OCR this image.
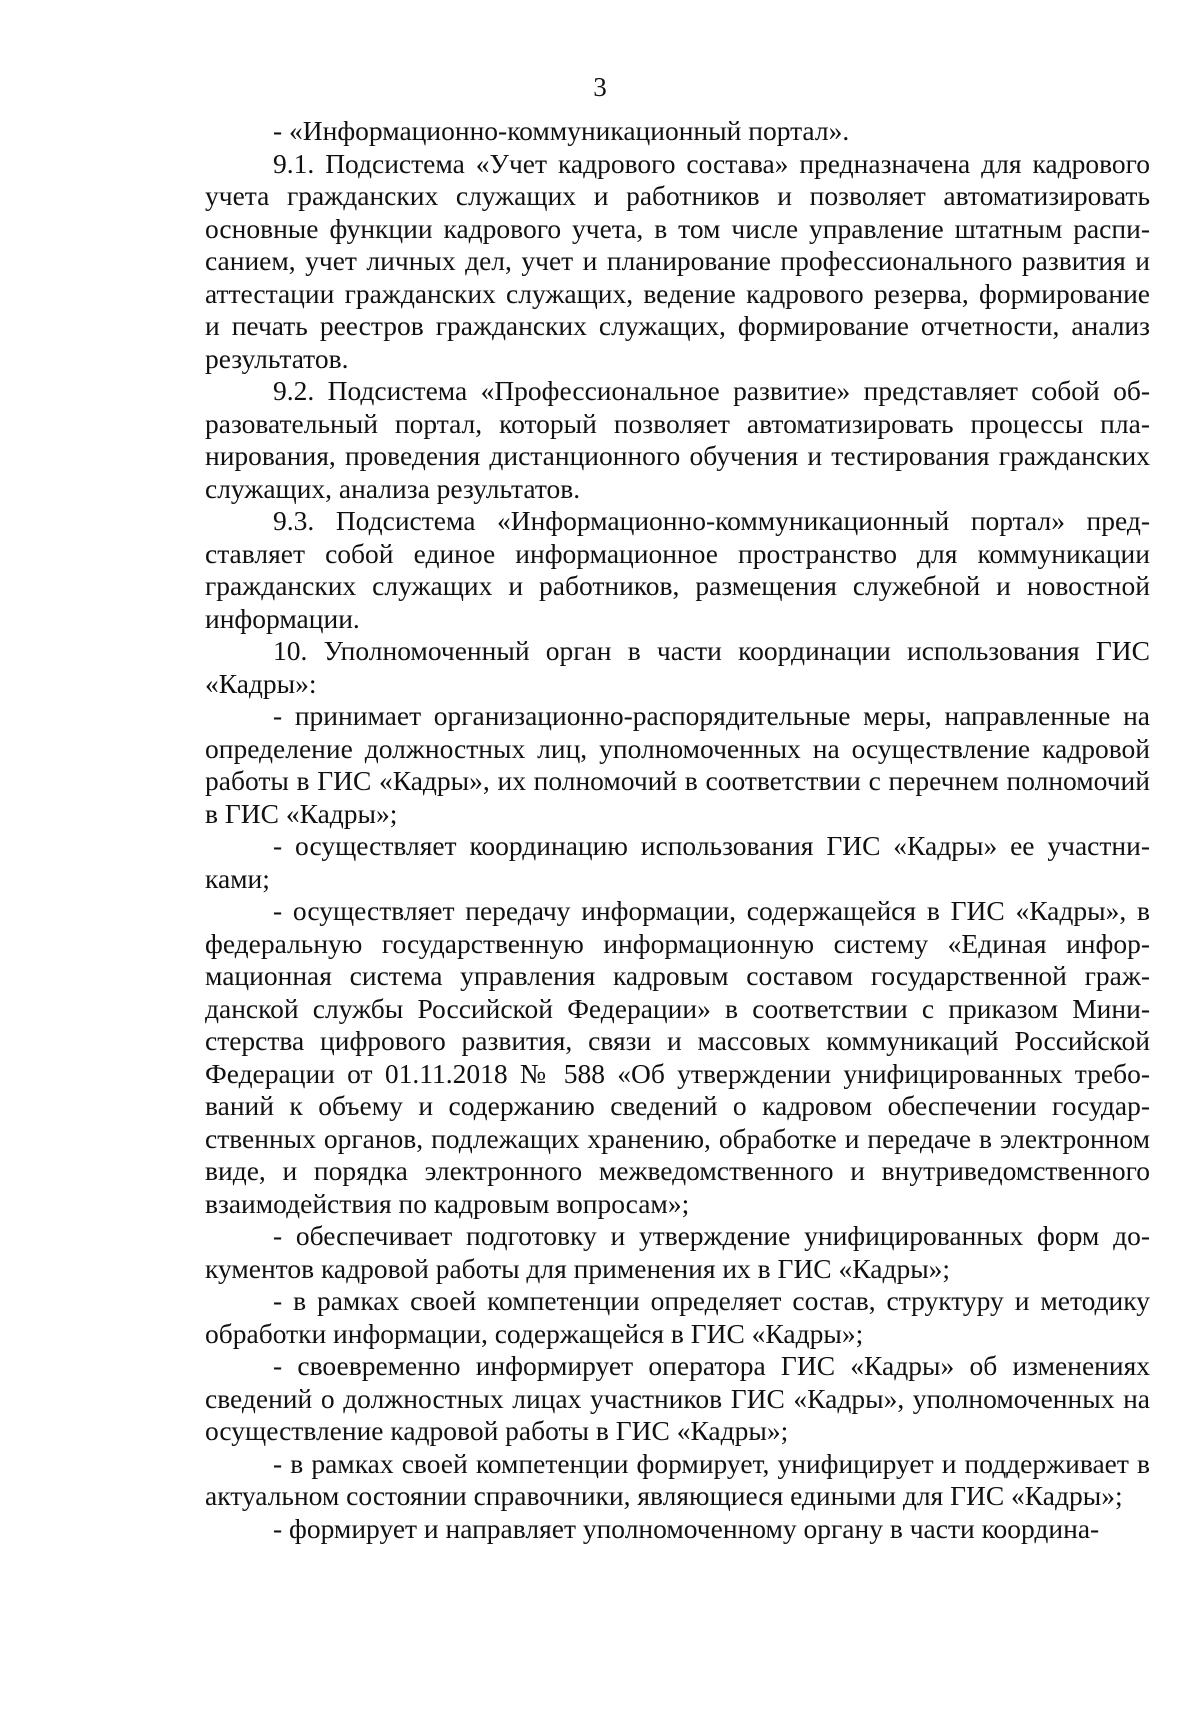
3

- «Информационно-коммуникационный портал».

9.1. Подсистема «Учет кадрового состава» предназначена для кадрового учета гражданских служащих и работников и позволяет автоматизировать основные функции кадрового учета, в том числе управление штатным расписанием, учет личных дел, учет и планирование профессионального развития и аттестации гражданских служащих, ведение кадрового резерва, формирование и печать реестров гражданских служащих, формирование отчетности, анализ результатов.

9.2. Подсистема «Профессиональное развитие» представляет собой образовательный портал, который позволяет автоматизировать процессы планирования, проведения дистанционного обучения и тестирования гражданских служащих, анализа результатов.

9.3. Подсистема «Информационно-коммуникационный портал» представляет собой единое информационное пространство для коммуникации гражданских служащих и работников, размещения служебной и новостной информации.

10. Уполномоченный орган в части координации использования ГИС «Кадры»:

- принимает организационно-распорядительные меры, направленные на определение должностных лиц, уполномоченных на осуществление кадровой работы в ГИС «Кадры», их полномочий в соответствии с перечнем полномочий в ГИС «Кадры»;

- осуществляет координацию использования ГИС «Кадры» ее участниками;

- осуществляет передачу информации, содержащейся в ГИС «Кадры», в федеральную государственную информационную систему «Единая информационная система управления кадровым составом государственной гражданской службы Российской Федерации» в соответствии с приказом Министерства цифрового развития, связи и массовых коммуникаций Российской Федерации от 01.11.2018 № 588 «Об утверждении унифицированных требований к объему и содержанию сведений о кадровом обеспечении государственных органов, подлежащих хранению, обработке и передаче в электронном виде, и порядка электронного межведомственного и внутриведомственного взаимодействия по кадровым вопросам»;

- обеспечивает подготовку и утверждение унифицированных форм документов кадровой работы для применения их в ГИС «Кадры»;

- в рамках своей компетенции определяет состав, структуру и методику обработки информации, содержащейся в ГИС «Кадры»;

- своевременно информирует оператора ГИС «Кадры» об изменениях сведений о должностных лицах участников ГИС «Кадры», уполномоченных на осуществление кадровой работы в ГИС «Кадры»;

- в рамках своей компетенции формирует, унифицирует и поддерживает в актуальном состоянии справочники, являющиеся едиными для ГИС «Кадры»;

- формирует и направляет уполномоченному органу в части координа-
